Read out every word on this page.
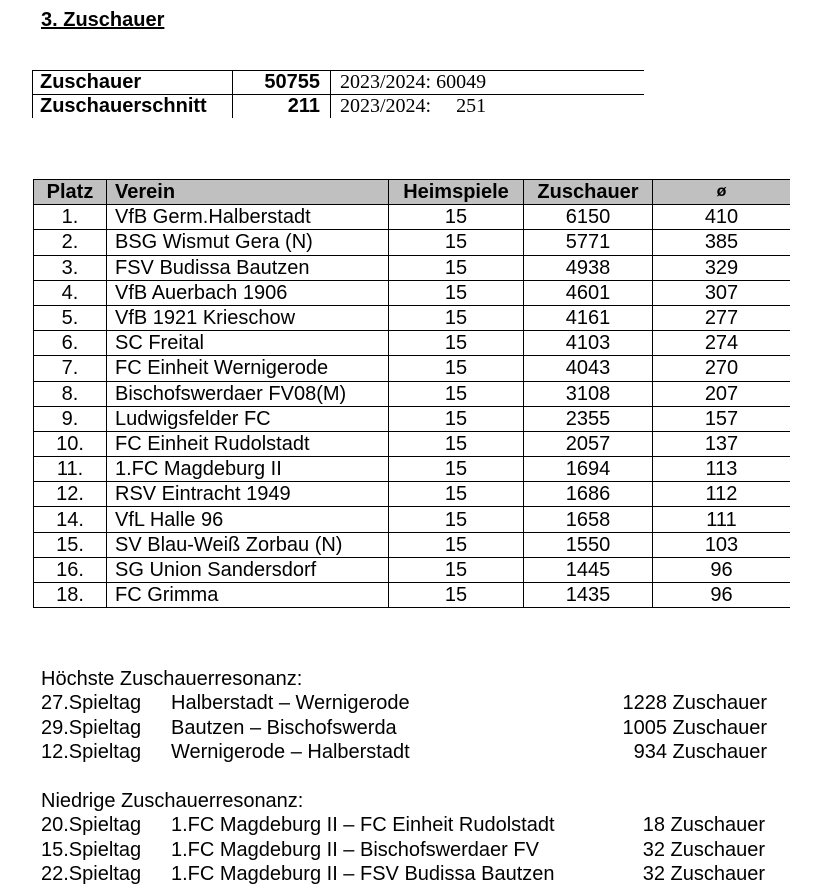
3. Zuschauer
Zuschauer	50755 2023/2024: 60049
Zuschauerschnitt	211 2023/2024:     251
Platz	Verein	Heimspiele	Zuschauer	ø
1.	VfB Germ.Halberstadt	15	6150	410
2.	BSG Wismut Gera (N)	15	5771	385
3.	FSV Budissa Bautzen	15	4938	329
4.	VfB Auerbach 1906	15	4601	307
5.	VfB 1921 Krieschow	15	4161	277
6.	SC Freital	15	4103	274
7.	FC Einheit Wernigerode	15	4043	270
8.	Bischofswerdaer FV08(M)	15	3108	207
9.	Ludwigsfelder FC	15	2355	157
10.	FC Einheit Rudolstadt	15	2057	137
11.	1.FC Magdeburg II	15	1694	113
12.	RSV Eintracht 1949	15	1686	112
14.	VfL Halle 96	15	1658	111
15.	SV Blau-Weiß Zorbau (N)	15	1550	103
16.	SG Union Sandersdorf	15	1445	96
18.	FC Grimma	15	1435	96
Höchste Zuschauerresonanz:
27.Spieltag Halberstadt – Wernigerode	1228 Zuschauer
29.Spieltag Bautzen – Bischofswerda	1005 Zuschauer
12.Spieltag Wernigerode – Halberstadt	934 Zuschauer
Niedrige Zuschauerresonanz:
20.Spieltag 1.FC Magdeburg II – FC Einheit Rudolstadt	18 Zuschauer
15.Spieltag 1.FC Magdeburg II – Bischofswerdaer FV	32 Zuschauer
22.Spieltag 1.FC Magdeburg II – FSV Budissa Bautzen	32 Zuschauer
